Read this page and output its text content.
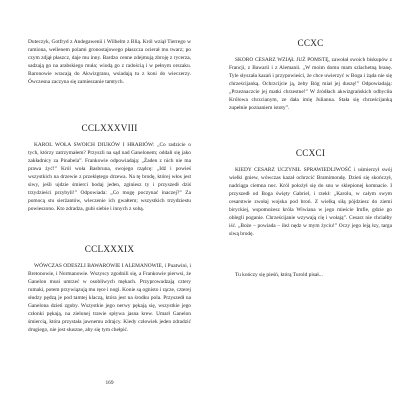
Duteczyk, Gotfryd z Andegawenii i Wilhelm z Blią. Król wziął Tierrego w ramiona, wellenem polami gronostajowego płaszcza ocierał mu twarz; po czym zdjął płaszcz, daje mu inny. Bardzo cenne zdejmują zbroję z rycerza, sadzają go na arabskiego muła; wiodą go z radością i w pełnym orszaku. Baronowie wracają do Akwizgranu, wsiadają tu z koni do wieczerzy. Ówczesna zaczyna się zamieszanie tamtych.

CCLXXXVIII

KAROL WOŁA SWOICH DIUKÓW I HRABIÓW: „Co radzicie o tych, którzy zatrzymałem? Przyszli na sąd nad Ganelonem; oddali się jako zakładnicy za Pinabela”. Frankowie odpowiadają: „Żaden z nich nie ma prawa żyć!” Król woła Basbruna, swojego rządcę: „Idź i powieś wszystkich na drzewie z przeklętego drzewa. Na tę brodę, której włos jest siwy, jeśli ujdzie śmierci bodaj jeden, zginiesz ty i przyszedł dziś trzydzieści przybyli!” Odpowiada: „Co mogę poczynać inaczej?” Za pomocą stu sierżantów, wleczenie ich gwałtem; wszystkich trzydziestu powieszono. Kto zdradza, gubi siebie i innych z sobą.

CCLXXXIX

WÓWCZAS ODESZLI BAWAROWIE I ALEMANOWIE, i Puatwini, i Bretonowie, i Normanowie. Wszyscy zgodnili się, a Frankowie pierwsi, że Ganelon musi umrzeć w osobliwych mękach. Przyprowadzają cztery rumaki, potem przywiązują mu ręce i nogi. Konie są ognisto i rącze, czterej słudzy pędzą je pod tamtej klaczą, która jest na środku pola. Przyszedł na Ganelona dzień zguby. Wszystkie jego nerwy pękają się, wszystkie jego członki pękają, na zielonej trawie spływa jasna krew. Umarł Ganelon śmiercią, która przystała jawnemu zdrajcy. Kiedy człowiek jeden zdradzić drugiego, nie jest słuszne, aby się tym chełpić.

169
CCXC

SKORO CESARZ WZIĄŁ JUŻ POMSTĘ, zawołał swoich biskupów z Francji, z Bawarii i z Alemanii. „W moim domu mam szlachetną branę. Tyle słyszała kazań i przypowieści, że chce uwierzyć w Boga i żąda nie się chrześcijanką. Ochrzcijcie ją, żeby Bóg miał jej duszę!” Odpowiadają: „Przeznaczcie jej matki chrzestne!” W źródłach akwizgrańskich odbyciła Królowa chrzcianym, ze dała imię Julianna. Stała się chrześcijanką zupełnie poznaniem istoty”.

CCXCI

KIEDY CESARZ UCZYNIŁ SPRAWIEDLIWOŚĆ i uśmierzył swój wielki gniew, wówczas kazał ochrzcić Bramimondę. Dzień się skończył, nadciąga ciemna noc. Król położył się do snu w sklepionej komnacie. I przyszedł od Boga święty Gabriel, i rzekł: „Karolu, w całym swym cesarstwie zwołaj wojska pod broń. Z wielką siłą pójdziesz do ziemi biryckiej, wspomożesz króla Wiwiana w jego mieście Imfie, gdzie go oblegli poganie. Chrześcijanie wzywają cię i wołają”. Cesarz nie chciałby iść. „Boże – powiada – ileż nędz w mym życiu!” Oczy jego leją łzy, targa siwą brodę.

Tu kończy się pieśń, którą Turold pisał...
